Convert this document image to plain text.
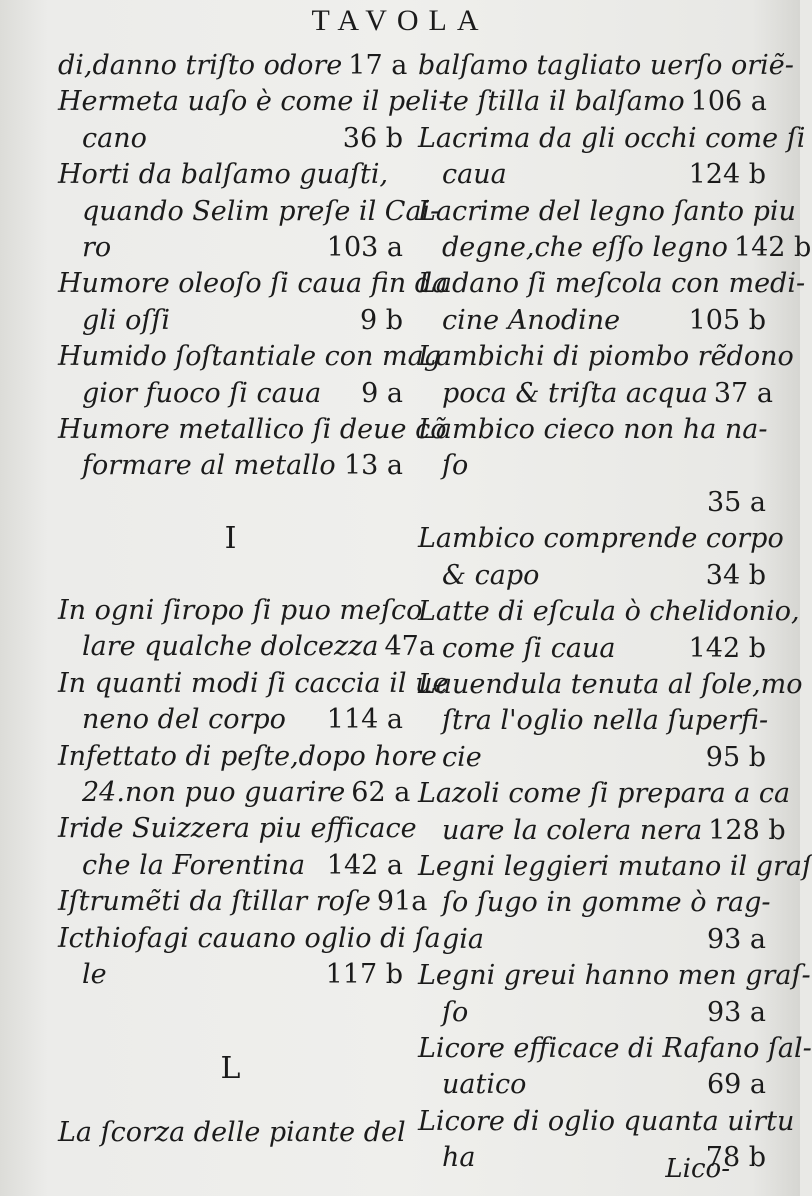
TAVOLA
di,danno triſto odore 17 a
Hermeta uaſo è come il peli-
cano	36 b
Horti da balſamo guaſti,
quando Selim preſe il Cai-
ro	103 a
Humore oleoſo ſi caua fin da
gli oſſi	9 b
Humido ſoſtantiale con mag
gior fuoco ſi caua	9 a
Humore metallico ſi deue cõ
formare al metallo 13 a
I
In ogni ſiropo ſi puo meſco
lare qualche dolcezza 47a
In quanti modi ſi caccia il ue
neno del corpo	114 a
Infettato di peſte,dopo hore
24.non puo guarire 62 a
Iride Suizzera piu efficace
che la Forentina 142 a
Iſtrumẽti da ſtillar roſe 91a
Icthiofagi cauano oglio di ſa
le	117 b
L
La ſcorza delle piante del
balſamo tagliato uerſo oriẽ-
te ſtilla il balſamo 106 a
Lacrima da gli occhi come ſi
caua	124 b
Lacrime del legno ſanto piu
degne,che eſſo legno 142 b
Ladano ſi meſcola con medi-
cine Anodine	105 b
Lambichi di piombo rẽdono
poca & triſta acqua 37 a
Lambico cieco non ha na-
ſo
35 a
Lambico comprende corpo
& capo	34 b
Latte di eſcula ò chelidonio,
come ſi caua	142 b
Lauendula tenuta al ſole,mo
ſtra l'oglio nella ſuperfi-
cie	95 b
Lazoli come ſi prepara a ca
uare la colera nera 128 b
Legni leggieri mutano il graſ
ſo ſugo in gomme ò rag-
gia	93 a
Legni greui hanno men graſ-
ſo	93 a
Licore efficace di Rafano ſal-
uatico	69 a
Licore di oglio quanta uirtu
ha	78 b
Lico-
